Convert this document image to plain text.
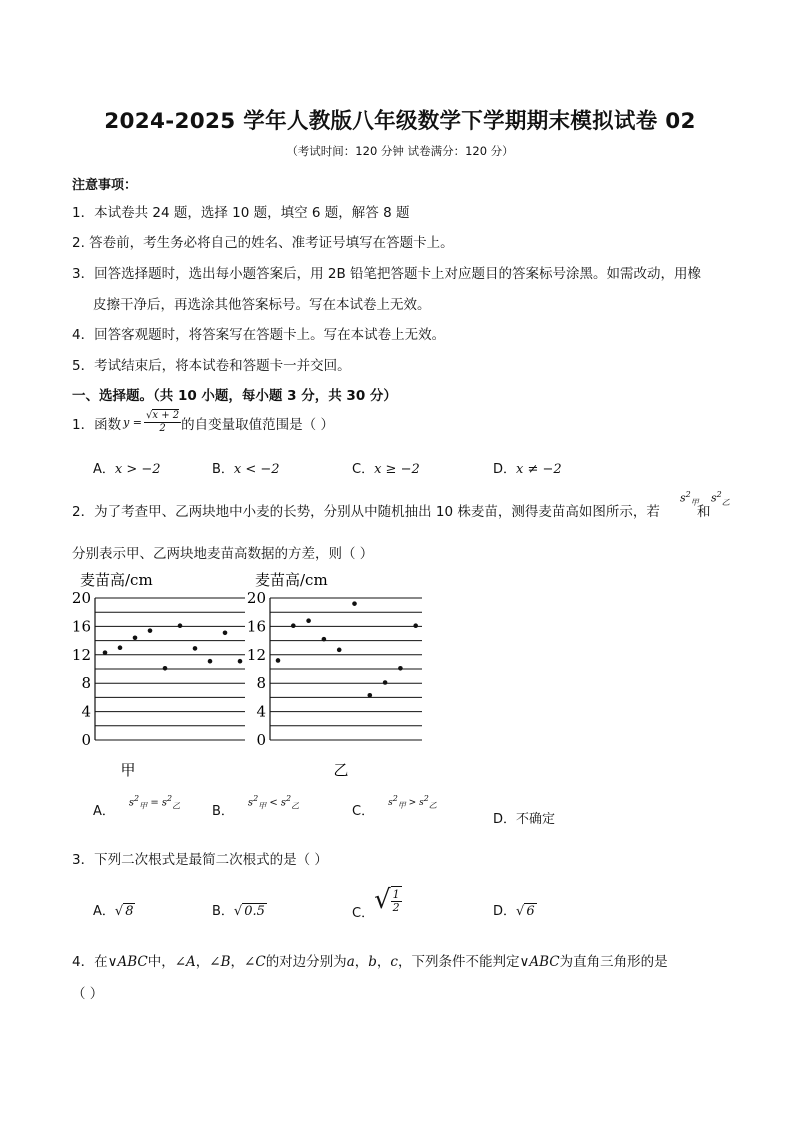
2024-2025 学年人教版八年级数学下学期期末模拟试卷 02
（考试时间：120 分钟 试卷满分：120 分）
注意事项：
1．本试卷共 24 题，选择 10 题，填空 6 题，解答 8 题
2. 答卷前，考生务必将自己的姓名、准考证号填写在答题卡上。
3．回答选择题时，选出每小题答案后，用 2B 铅笔把答题卡上对应题目的答案标号涂黑。如需改动，用橡
皮擦干净后，再选涂其他答案标号。写在本试卷上无效。
4．回答客观题时，将答案写在答题卡上。写在本试卷上无效。
5．考试结束后，将本试卷和答题卡一并交回。
一、选择题。（共 10 小题，每小题 3 分，共 30 分）
1．函数 $y = \frac{√x + 2}{2}$ 的自变量取值范围是（ ）
A．x > −2	B．x < −2	C．x ≥ −2	D．x ≠ −2
2．为了考查甲、乙两块地中小麦的长势，分别从中随机抽出 10 株麦苗，测得麦苗高如图所示，若
$s^2_甲$
和
$s^2_乙$
分别表示甲、乙两块地麦苗高数据的方差，则（ ）
0
4
8
12
16
20
麦苗高/cm
甲
0
4
8
12
16
20
麦苗高/cm
乙
A．
$s^2_甲 = s^2_乙$ B．
$s^2_甲 < s^2_乙$	C．
$s^2_甲 > s^2_乙$
D．不确定
3．下列二次根式是最简二次根式的是（ ）
A．√ 8	B．√ 0.5	C． √ $\frac{1}{2}$	D．√ 6
4．在∨ABC中，∠A，∠B，∠C的对边分别为a，b，c，下列条件不能判定∨ABC为直角三角形的是
（ ）
